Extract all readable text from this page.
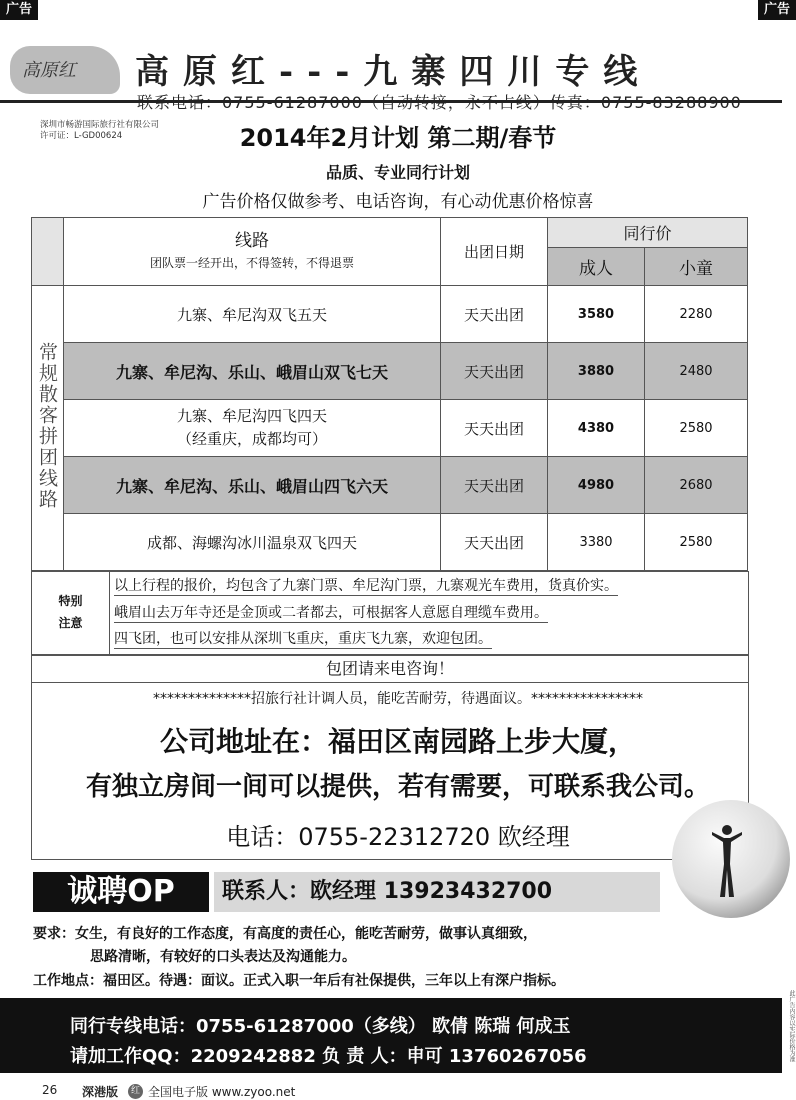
广告	广告
高原红 高原红---九寨四川专线
联系电话：0755-61287000（自动转接，永不占线）传真：0755-83288900
深圳市畅游国际旅行社有限公司
许可证：L-GD00624	2014年2月计划 第二期/春节
品质、专业同行计划
广告价格仅做参考、电话咨询，有心动优惠价格惊喜

	线路
团队票一经开出，不得签转，不得退票	出团日期	同行价	
			成人	小童
常规散客拼团线路	九寨、牟尼沟双飞五天	天天出团	3580	2280
	九寨、牟尼沟、乐山、峨眉山双飞七天	天天出团	3880	2480

	九寨、牟尼沟四飞四天
（经重庆，成都均可）	天天出团	4380	2580
	九寨、牟尼沟、乐山、峨眉山四飞六天	天天出团	4980	2680
	成都、海螺沟冰川温泉双飞四天	天天出团	3380	2580
特别
注意
以上行程的报价，均包含了九寨门票、牟尼沟门票，九寨观光车费用，货真价实。
峨眉山去万年寺还是金顶或二者都去，可根据客人意愿自理缆车费用。
四飞团，也可以安排从深圳飞重庆，重庆飞九寨，欢迎包团。
包团请来电咨询！
**************招旅行社计调人员，能吃苦耐劳，待遇面议。****************
公司地址在：福田区南园路上步大厦，
有独立房间一间可以提供，若有需要，可联系我公司。
电话：0755-22312720 欧经理
诚聘OP	联系人：欧经理 13923432700
要求：女生，有良好的工作态度，有高度的责任心，能吃苦耐劳，做事认真细致，
思路清晰，有较好的口头表达及沟通能力。
工作地点：福田区。待遇：面议。正式入职一年后有社保提供，三年以上有深户指标。
同行专线电话：0755-61287000（多线） 欧倩 陈瑞 何成玉
请加工作QQ：2209242882 负 责 人：申可 13760267056	此广告内容以实际价格为准
26 深港版	红 全国电子版 www.zyoo.net
